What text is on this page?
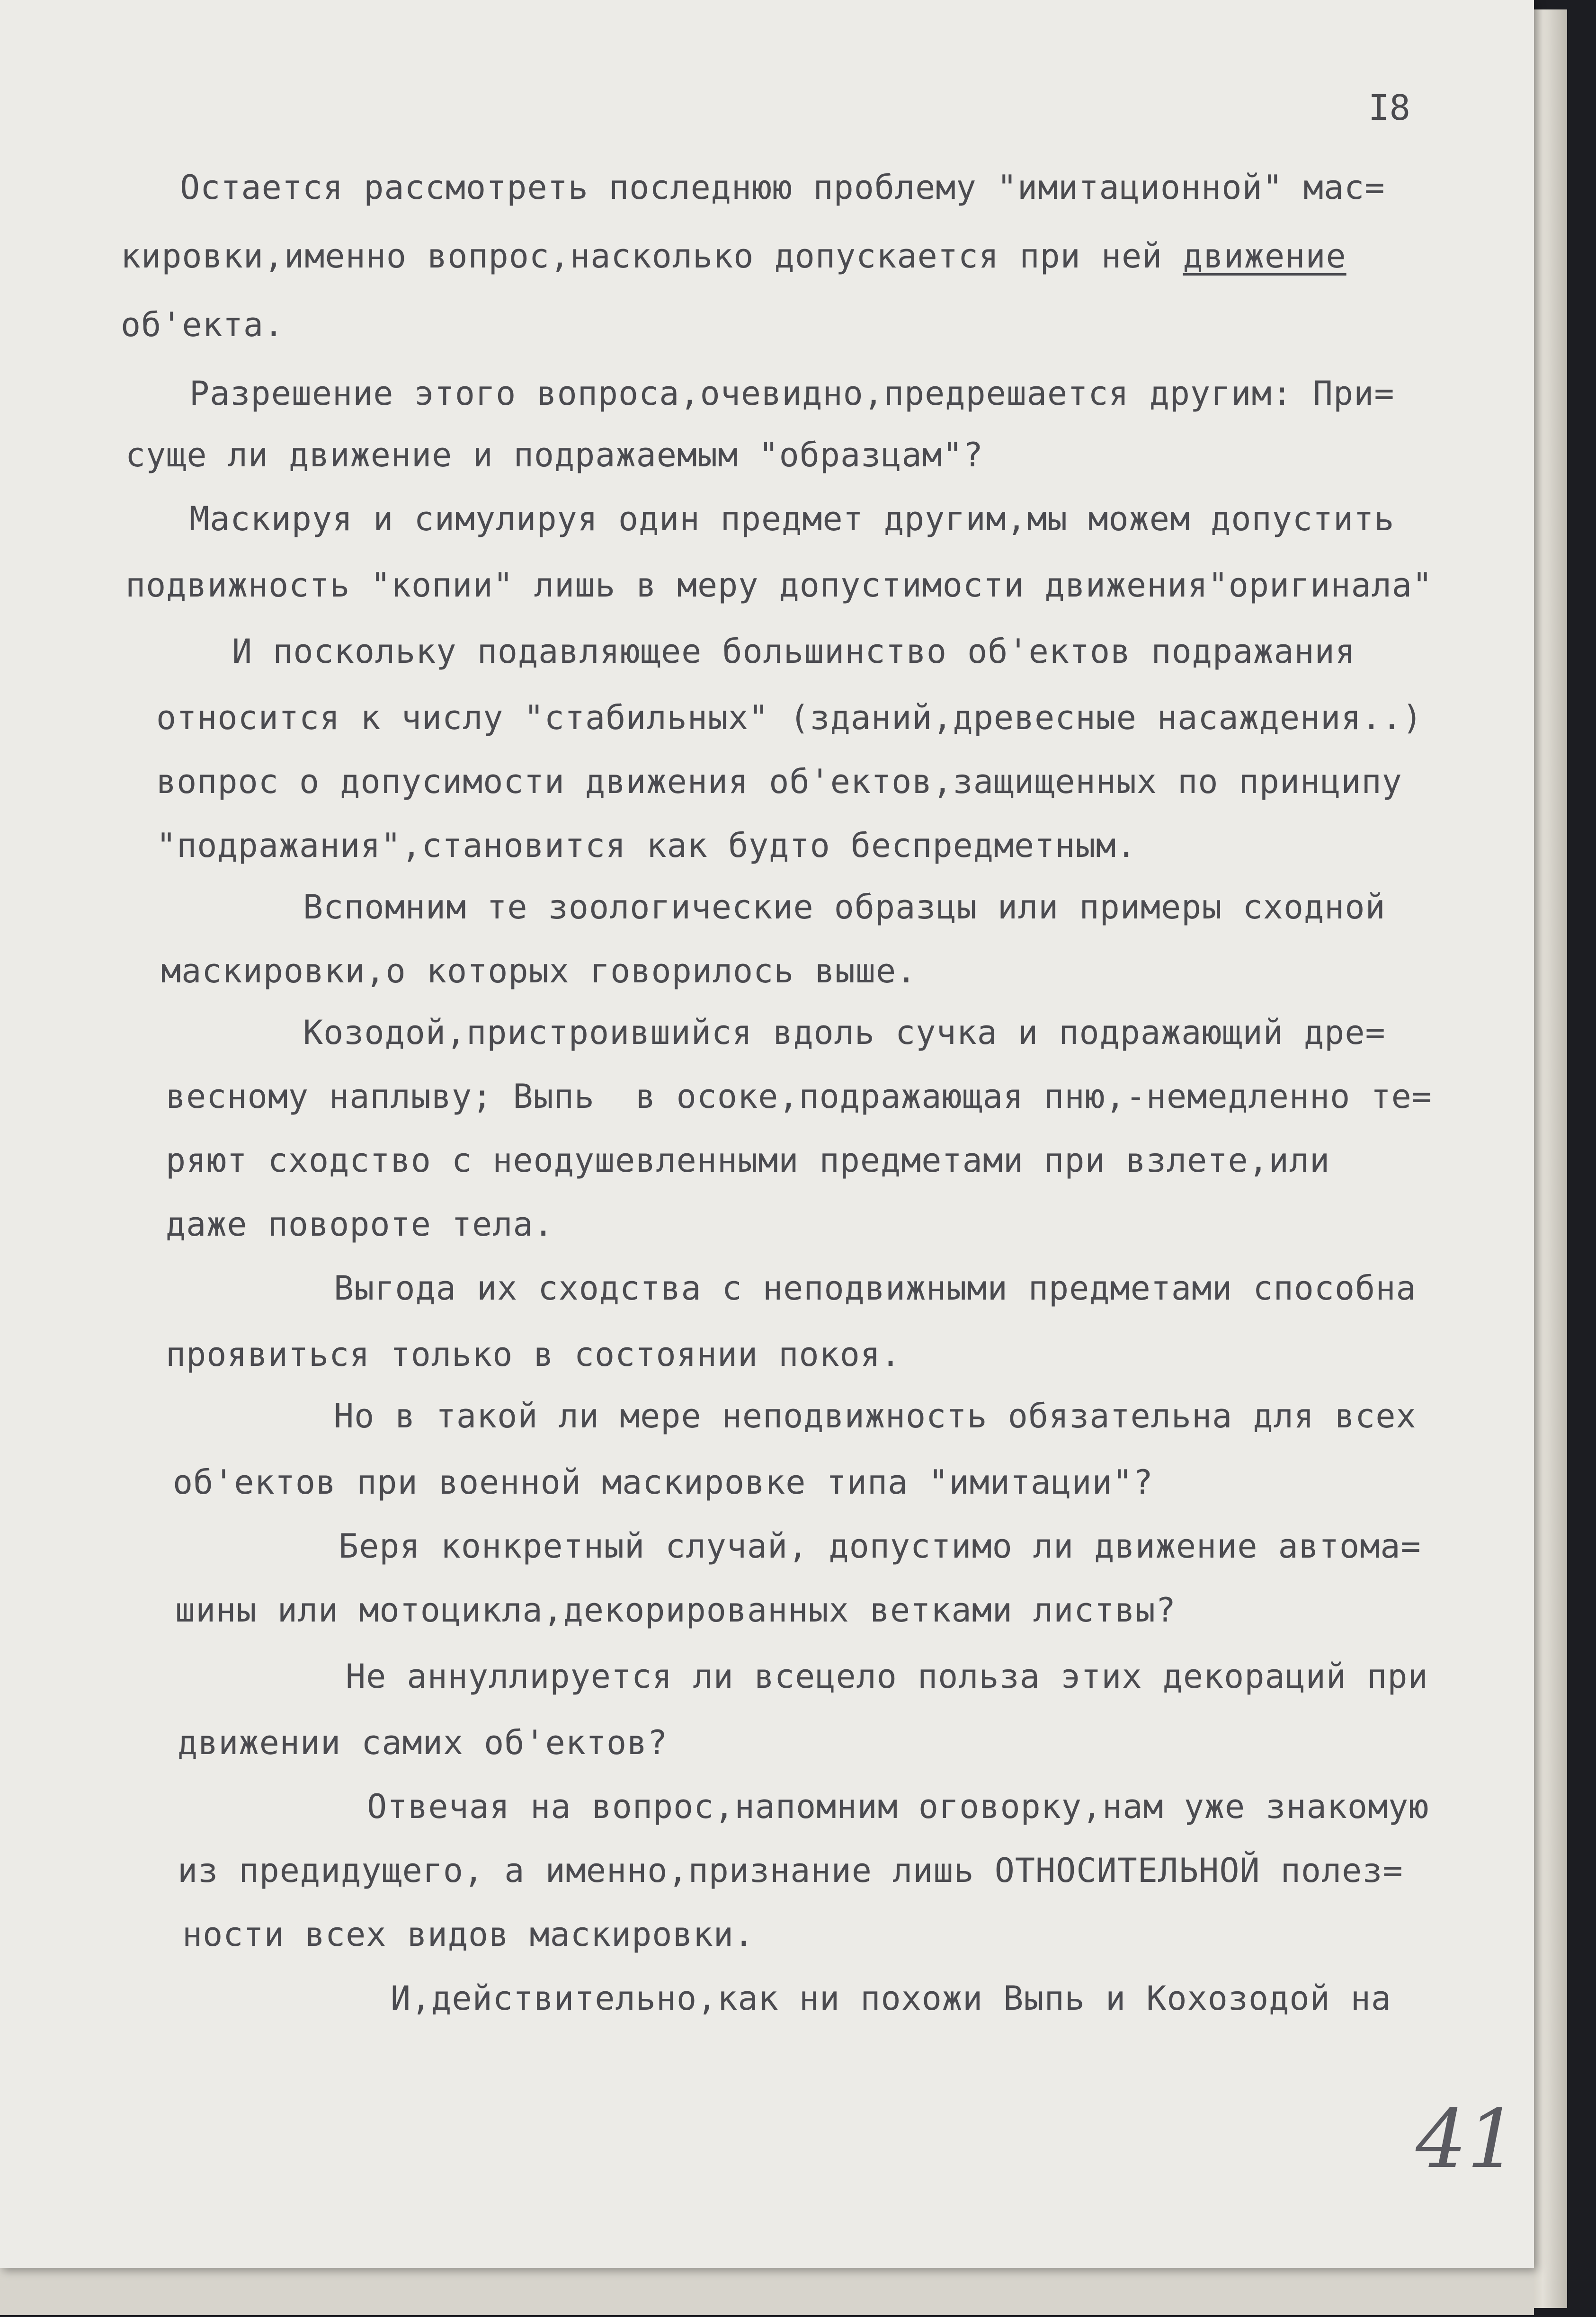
I8
Остается рассмотреть последнюю проблему "имитационной" мас=
кировки,именно вопрос,насколько допускается при ней движение
об'екта.
Разрешение этого вопроса,очевидно,предрешается другим: При=
суще ли движение и подражаемым "образцам"?
Маскируя и симулируя один предмет другим,мы можем допустить
подвижность "копии" лишь в меру допустимости движения"оригинала"
И поскольку подавляющее большинство об'ектов подражания
относится к числу "стабильных" (зданий,древесные насаждения..)
вопрос о допусимости движения об'ектов,защищенных по принципу
"подражания",становится как будто беспредметным.
Вспомним те зоологические образцы или примеры сходной
маскировки,о которых говорилось выше.
Козодой,пристроившийся вдоль сучка и подражающий дре=
весному наплыву; Выпь  в осоке,подражающая пню,-немедленно те=
ряют сходство с неодушевленными предметами при взлете,или
даже повороте тела.
Выгода их сходства с неподвижными предметами способна
проявиться только в состоянии покоя.
Но в такой ли мере неподвижность обязательна для всех
об'ектов при военной маскировке типа "имитации"?
Беря конкретный случай, допустимо ли движение автома=
шины или мотоцикла,декорированных ветками листвы?
Не аннуллируется ли всецело польза этих декораций при
движении самих об'ектов?
Отвечая на вопрос,напомним оговорку,нам уже знакомую
из предидущего, а именно,признание лишь ОТНОСИТЕЛЬНОЙ полез=
ности всех видов маскировки.
И,действительно,как ни похожи Выпь и Кохозодой на
41
